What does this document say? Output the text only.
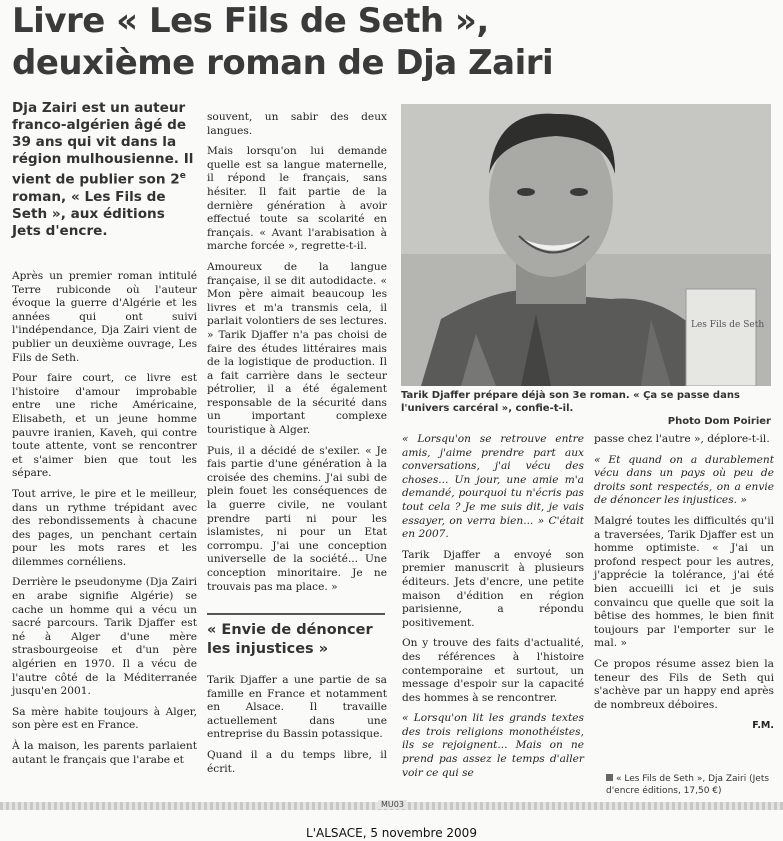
Livre « Les Fils de Seth »,
deuxième roman de Dja Zairi
Dja Zairi est un auteur franco-algérien âgé de 39 ans qui vit dans la région mulhousienne. Il vient de publier son 2e roman, « Les Fils de Seth », aux éditions Jets d'encre.

Après un premier roman intitulé Terre rubiconde où l'auteur évoque la guerre d'Algérie et les années qui ont suivi l'indépendance, Dja Zairi vient de publier un deuxième ouvrage, Les Fils de Seth.

Pour faire court, ce livre est l'histoire d'amour improbable entre une riche Américaine, Elisabeth, et un jeune homme pauvre iranien, Kaveh, qui contre toute attente, vont se rencontrer et s'aimer bien que tout les sépare.

Tout arrive, le pire et le meilleur, dans un rythme trépidant avec des rebondissements à chacune des pages, un penchant certain pour les mots rares et les dilemmes cornéliens.

Derrière le pseudonyme (Dja Zairi en arabe signifie Algérie) se cache un homme qui a vécu un sacré parcours. Tarik Djaffer est né à Alger d'une mère strasbourgeoise et d'un père algérien en 1970. Il a vécu de l'autre côté de la Méditerranée jusqu'en 2001.

Sa mère habite toujours à Alger, son père est en France.

À la maison, les parents parlaient autant le français que l'arabe et

souvent, un sabir des deux langues.

Mais lorsqu'on lui demande quelle est sa langue maternelle, il répond le français, sans hésiter. Il fait partie de la dernière génération à avoir effectué toute sa scolarité en français. « Avant l'arabisation à marche forcée », regrette-t-il.

Amoureux de la langue française, il se dit autodidacte. « Mon père aimait beaucoup les livres et m'a transmis cela, il parlait volontiers de ses lectures. » Tarik Djaffer n'a pas choisi de faire des études littéraires mais de la logistique de production. Il a fait carrière dans le secteur pétrolier, il a été également responsable de la sécurité dans un important complexe touristique à Alger.

Puis, il a décidé de s'exiler. « Je fais partie d'une génération à la croisée des chemins. J'ai subi de plein fouet les conséquences de la guerre civile, ne voulant prendre parti ni pour les islamistes, ni pour un Etat corrompu. J'ai une conception universelle de la société... Une conception minoritaire. Je ne trouvais pas ma place. »

« Envie de dénoncer les injustices »

Tarik Djaffer a une partie de sa famille en France et notamment en Alsace. Il travaille actuellement dans une entreprise du Bassin potassique.

Quand il a du temps libre, il écrit.

Les Fils de Seth
Tarik Djaffer prépare déjà son 3e roman. « Ça se passe dans l'univers carcéral », confie-t-il.
Photo Dom Poirier

« Lorsqu'on se retrouve entre amis, j'aime prendre part aux conversations, j'ai vécu des choses... Un jour, une amie m'a demandé, pourquoi tu n'écris pas tout cela ? Je me suis dit, je vais essayer, on verra bien... » C'était en 2007.

Tarik Djaffer a envoyé son premier manuscrit à plusieurs éditeurs. Jets d'encre, une petite maison d'édition en région parisienne, a répondu positivement.

On y trouve des faits d'actualité, des références à l'histoire contemporaine et surtout, un message d'espoir sur la capacité des hommes à se rencontrer.

« Lorsqu'on lit les grands textes des trois religions monothéistes, ils se rejoignent... Mais on ne prend pas assez le temps d'aller voir ce qui se

passe chez l'autre », déplore-t-il.

« Et quand on a durablement vécu dans un pays où peu de droits sont respectés, on a envie de dénoncer les injustices. »

Malgré toutes les difficultés qu'il a traversées, Tarik Djaffer est un homme optimiste. « J'ai un profond respect pour les autres, j'apprécie la tolérance, j'ai été bien accueilli ici et je suis convaincu que quelle que soit la bêtise des hommes, le bien finit toujours par l'emporter sur le mal. »

Ce propos résume assez bien la teneur des Fils de Seth qui s'achève par un happy end après de nombreux déboires.

F.M.
« Les Fils de Seth », Dja Zairi (Jets d'encre éditions, 17,50 €)
MU03
L'ALSACE, 5 novembre 2009
